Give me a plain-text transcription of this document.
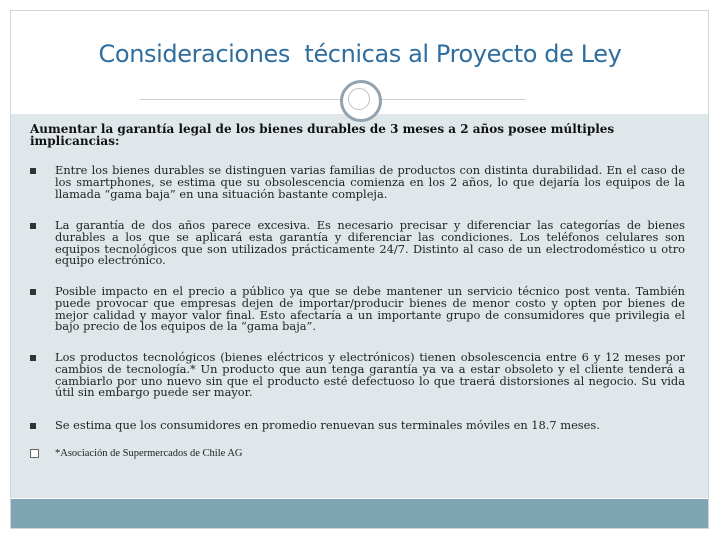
Consideraciones  técnicas al Proyecto de Ley
Aumentar la garantía legal de los bienes durables de 3 meses a 2 años posee múltiples implicancias:
Entre los bienes durables se distinguen varias familias de productos con distinta durabilidad. En el caso de los smartphones, se estima que su obsolescencia comienza en los 2 años, lo que dejaría los equipos de la llamada “gama baja” en una situación bastante compleja.
La garantía de dos años parece excesiva. Es necesario precisar y diferenciar las categorías de bienes durables a los que se aplicará esta garantía y diferenciar las condiciones. Los teléfonos celulares son equipos tecnológicos que son utilizados prácticamente 24/7. Distinto al caso de un electrodoméstico u otro equipo electrónico.
Posible impacto en el precio a público ya que se debe mantener un servicio técnico post venta. También puede provocar que empresas dejen de importar/producir bienes de menor costo y opten por bienes de mejor calidad y mayor valor final. Esto afectaría a un importante grupo de consumidores que privilegia el bajo precio de los equipos de la “gama baja”.
Los productos tecnológicos (bienes eléctricos y electrónicos) tienen obsolescencia entre 6 y 12 meses por cambios de tecnología.* Un producto que aun tenga garantía ya va a estar obsoleto y el cliente tenderá a cambiarlo por uno nuevo sin que el producto esté defectuoso lo que traerá distorsiones al negocio. Su vida útil sin embargo puede ser mayor.
Se estima que los consumidores en promedio renuevan sus terminales móviles en 18.7 meses.
*Asociación de Supermercados de Chile AG
